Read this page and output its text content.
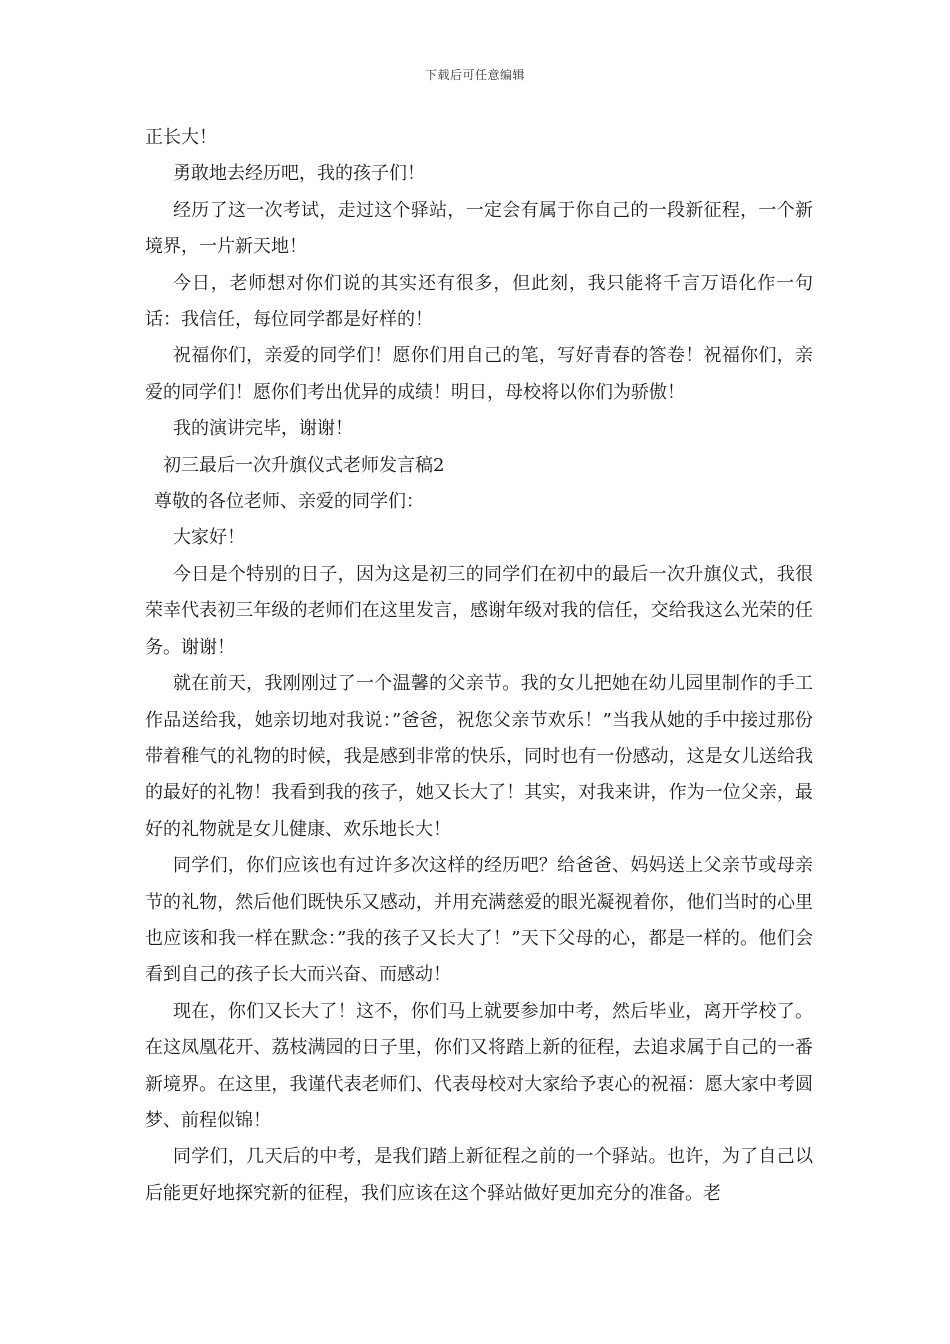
下载后可任意编辑

正长大！

勇敢地去经历吧，我的孩子们！

经历了这一次考试，走过这个驿站，一定会有属于你自己的一段新征程，一个新境界，一片新天地！

今日，老师想对你们说的其实还有很多，但此刻，我只能将千言万语化作一句话：我信任，每位同学都是好样的！

祝福你们，亲爱的同学们！愿你们用自己的笔，写好青春的答卷！祝福你们，亲爱的同学们！愿你们考出优异的成绩！明日，母校将以你们为骄傲！

我的演讲完毕，谢谢！

初三最后一次升旗仪式老师发言稿2

尊敬的各位老师、亲爱的同学们：

大家好！

今日是个特别的日子，因为这是初三的同学们在初中的最后一次升旗仪式，我很荣幸代表初三年级的老师们在这里发言，感谢年级对我的信任，交给我这么光荣的任务。谢谢！

就在前天，我刚刚过了一个温馨的父亲节。我的女儿把她在幼儿园里制作的手工作品送给我，她亲切地对我说：”爸爸，祝您父亲节欢乐！”当我从她的手中接过那份带着稚气的礼物的时候，我是感到非常的快乐，同时也有一份感动，这是女儿送给我的最好的礼物！我看到我的孩子，她又长大了！其实，对我来讲，作为一位父亲，最好的礼物就是女儿健康、欢乐地长大！

同学们，你们应该也有过许多次这样的经历吧？给爸爸、妈妈送上父亲节或母亲节的礼物，然后他们既快乐又感动，并用充满慈爱的眼光凝视着你，他们当时的心里也应该和我一样在默念：”我的孩子又长大了！”天下父母的心，都是一样的。他们会看到自己的孩子长大而兴奋、而感动！

现在，你们又长大了！这不，你们马上就要参加中考，然后毕业，离开学校了。在这凤凰花开、荔枝满园的日子里，你们又将踏上新的征程，去追求属于自己的一番新境界。在这里，我谨代表老师们、代表母校对大家给予衷心的祝福：愿大家中考圆梦、前程似锦！

同学们，几天后的中考，是我们踏上新征程之前的一个驿站。也许，为了自己以后能更好地探究新的征程，我们应该在这个驿站做好更加充分的准备。老
